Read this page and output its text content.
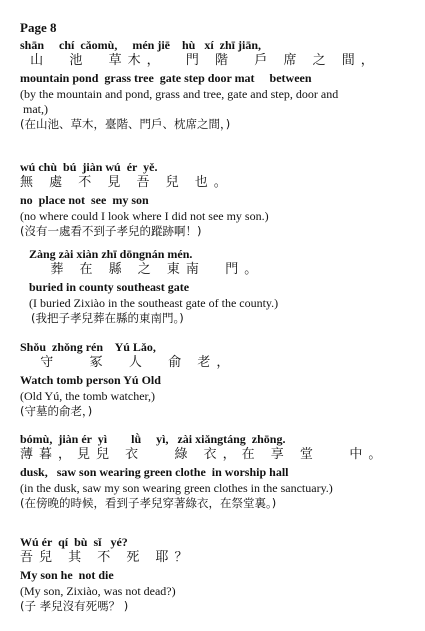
Page 8
shān     chí  cǎomù,     mén jiē    hù   xí  zhī jiān,
山  池  草木，  門 階  戶 席 之 間，
mountain pond  grass tree  gate step door mat     between
(by the mountain and pond, grass and tree, gate and step, door and
mat,)
(在山池、草木，臺階、門戶、枕席之間，)
wú chù  bú  jiàn wú  ér  yě.
無 處 不 見 吾 兒 也。
no  place not  see  my son
(no where could I look where I did not see my son.)
(沒有一處看不到子孝兒的蹤跡啊！)
Zàng zài xiàn zhī dōngnán mén.
葬 在 縣 之 東南  門。
buried in county southeast gate
(I buried Zixiào in the southeast gate of the county.)
(我把子孝兒葬在縣的東南門。)
Shǒu  zhǒng rén    Yú Lǎo,
守   冢  人  俞 老，
Watch tomb person Yú Old
(Old Yú, the tomb watcher,)
(守墓的俞老，)
bómù,  jiàn ér  yì        lǜ     yì,   zài xiǎngtáng  zhōng.
薄暮，見兒 衣   綠 衣，在 享 堂   中。
dusk,   saw son wearing green clothe  in worship hall
(in the dusk, saw my son wearing green clothes in the sanctuary.)
(在傍晚的時候，看到子孝兒穿著綠衣，在祭堂裏。)
Wú ér  qí  bù  sǐ   yé?
吾兒 其 不 死 耶？
My son he  not die
(My son, Zixiào, was not dead?)
(子 孝兒沒有死嗎？ )
